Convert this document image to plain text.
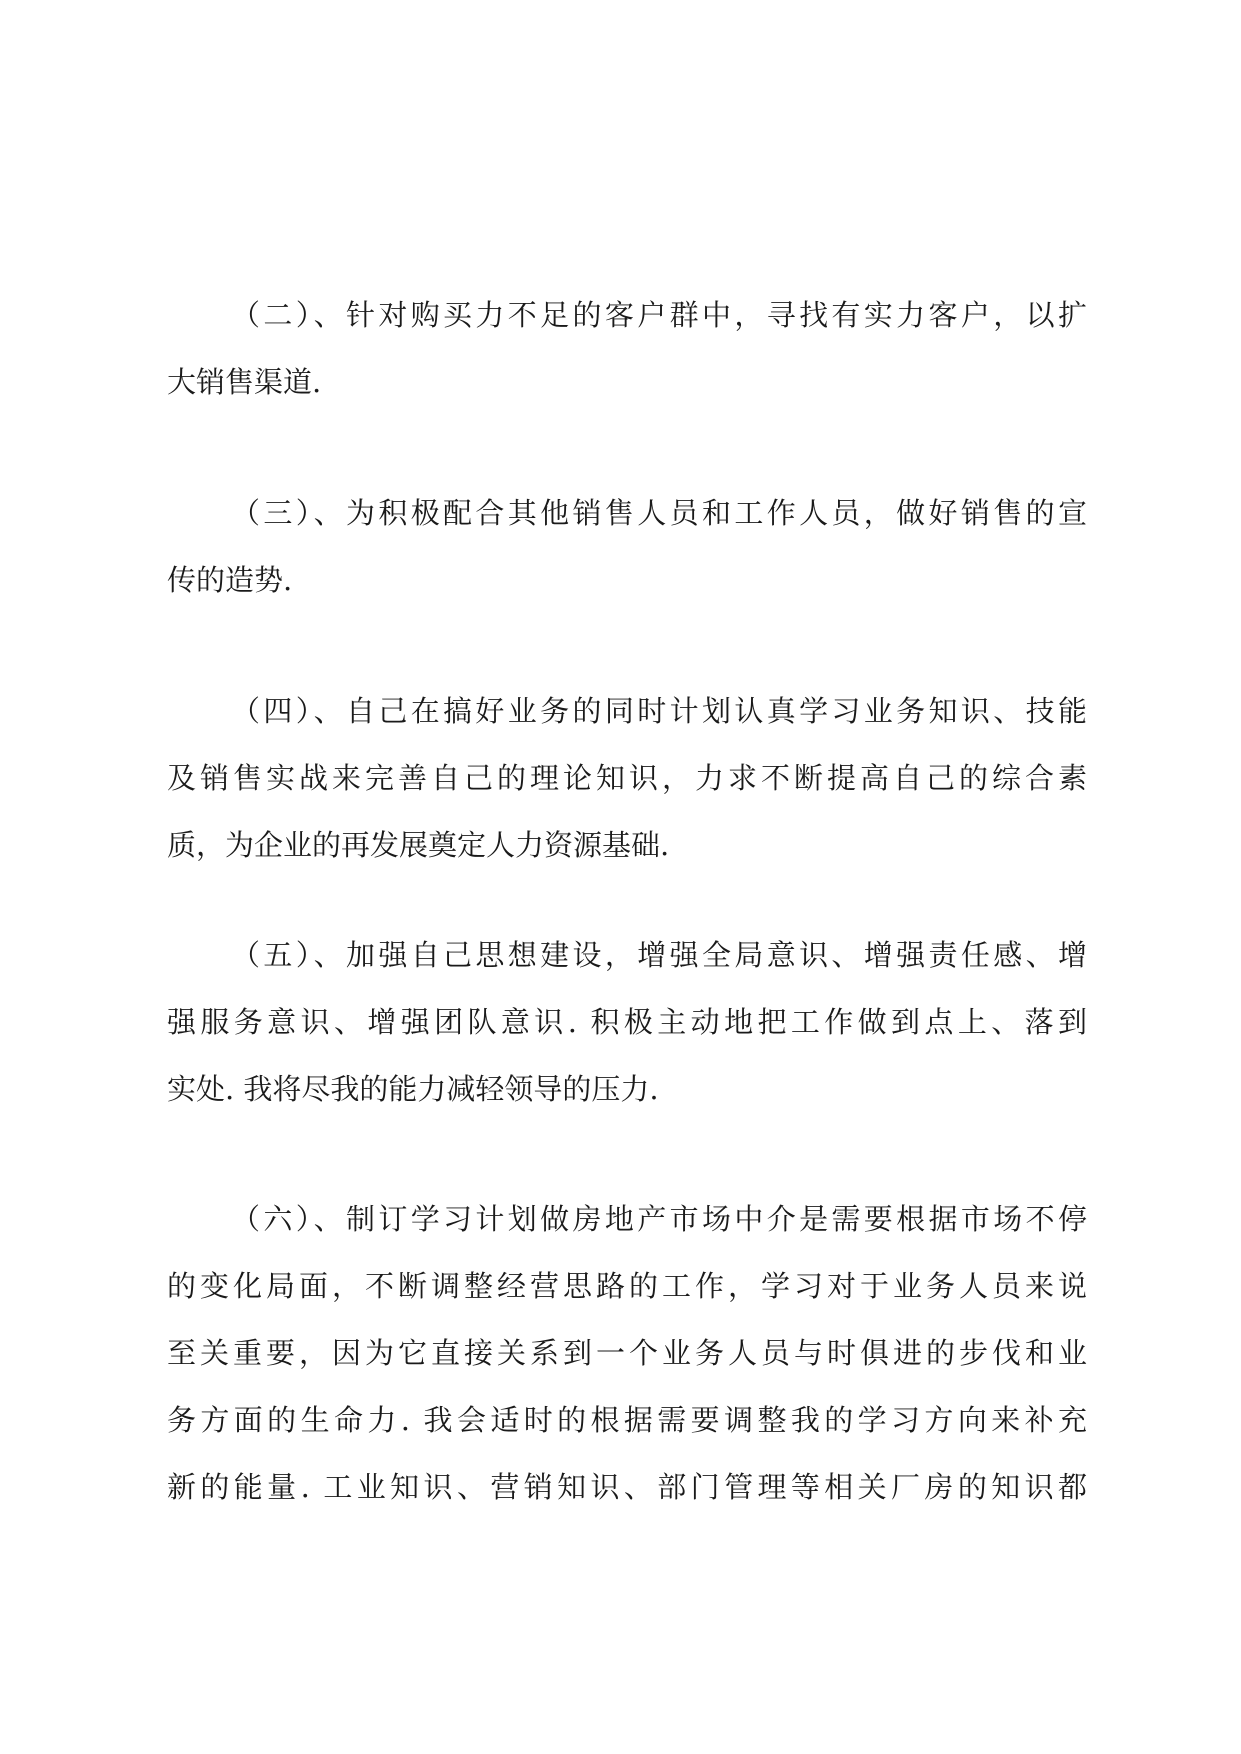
（二）、针对购买力不足的客户群中，寻找有实力客户，以扩
大销售渠道.
（三）、为积极配合其他销售人员和工作人员，做好销售的宣
传的造势.
（四）、自己在搞好业务的同时计划认真学习业务知识、技能
及销售实战来完善自己的理论知识，力求不断提高自己的综合素
质，为企业的再发展奠定人力资源基础.
（五）、加强自己思想建设，增强全局意识、增强责任感、增
强服务意识、增强团队意识. 积极主动地把工作做到点上、落到
实处. 我将尽我的能力减轻领导的压力.
（六）、制订学习计划做房地产市场中介是需要根据市场不停
的变化局面，不断调整经营思路的工作，学习对于业务人员来说
至关重要，因为它直接关系到一个业务人员与时俱进的步伐和业
务方面的生命力. 我会适时的根据需要调整我的学习方向来补充
新的能量. 工业知识、营销知识、部门管理等相关厂房的知识都
